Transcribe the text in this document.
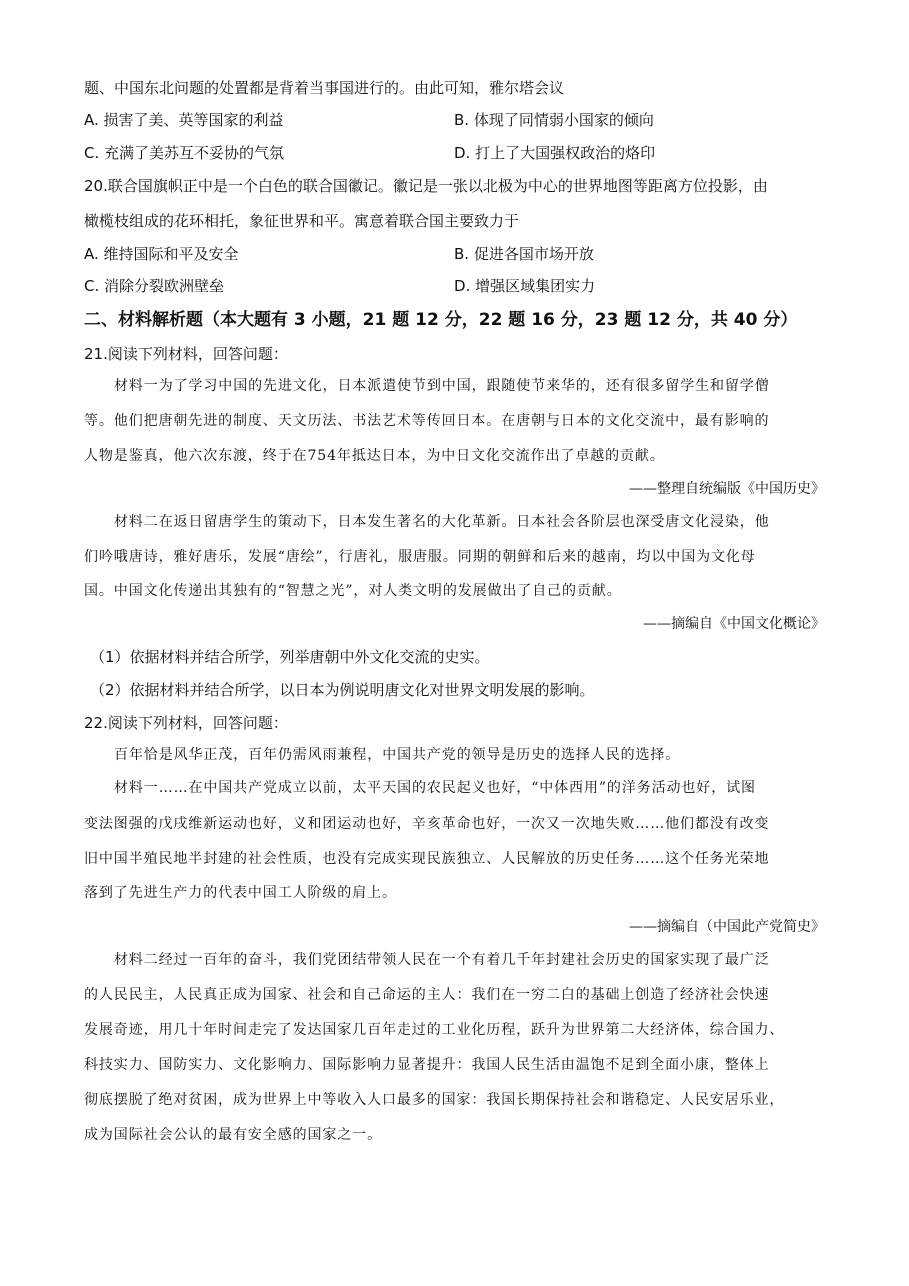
题、中国东北问题的处置都是背着当事国进行的。由此可知，雅尔塔会议
A. 损害了美、英等国家的利益	B. 体现了同情弱小国家的倾向
C. 充满了美苏互不妥协的气氛	D. 打上了大国强权政治的烙印
20.联合国旗帜正中是一个白色的联合国徽记。徽记是一张以北极为中心的世界地图等距离方位投影，由
橄榄枝组成的花环相托，象征世界和平。寓意着联合国主要致力于
A. 维持国际和平及安全	B. 促进各国市场开放
C. 消除分裂欧洲壁垒	D. 增强区域集团实力
二、材料解析题（本大题有 3 小题，21 题 12 分，22 题 16 分，23 题 12 分，共 40 分）
21.阅读下列材料，回答问题：
材料一为了学习中国的先进文化，日本派遣使节到中国，跟随使节来华的，还有很多留学生和留学僧
等。他们把唐朝先进的制度、天文历法、书法艺术等传回日本。在唐朝与日本的文化交流中，最有影响的
人物是鉴真，他六次东渡，终于在754年抵达日本，为中日文化交流作出了卓越的贡献。
——整理自统编版《中国历史》
材料二在返日留唐学生的策动下，日本发生著名的大化革新。日本社会各阶层也深受唐文化浸染，他
们吟哦唐诗，雅好唐乐，发展“唐绘”，行唐礼，服唐服。同期的朝鲜和后来的越南，均以中国为文化母
国。中国文化传递出其独有的“智慧之光”，对人类文明的发展做出了自己的贡献。
——摘编自《中国文化概论》
（1）依据材料并结合所学，列举唐朝中外文化交流的史实。
（2）依据材料并结合所学，以日本为例说明唐文化对世界文明发展的影响。
22.阅读下列材料，回答问题：
百年恰是风华正茂，百年仍需风雨兼程，中国共产党的领导是历史的选择人民的选择。
材料一……在中国共产党成立以前，太平天国的农民起义也好，“中体西用”的洋务活动也好，试图
变法图强的戊戌维新运动也好，义和团运动也好，辛亥革命也好，一次又一次地失败……他们都没有改变
旧中国半殖民地半封建的社会性质，也没有完成实现民族独立、人民解放的历史任务……这个任务光荣地
落到了先进生产力的代表中国工人阶级的肩上。
——摘编自（中国此产党简史》
材料二经过一百年的奋斗，我们党团结带领人民在一个有着几千年封建社会历史的国家实现了最广泛
的人民民主，人民真正成为国家、社会和自己命运的主人：我们在一穷二白的基础上创造了经济社会快速
发展奇迹，用几十年时间走完了发达国家几百年走过的工业化历程，跃升为世界第二大经济体，综合国力、
科技实力、国防实力、文化影响力、国际影响力显著提升：我国人民生活由温饱不足到全面小康，整体上
彻底摆脱了绝对贫困，成为世界上中等收入人口最多的国家：我国长期保持社会和谐稳定、人民安居乐业，
成为国际社会公认的最有安全感的国家之一。
